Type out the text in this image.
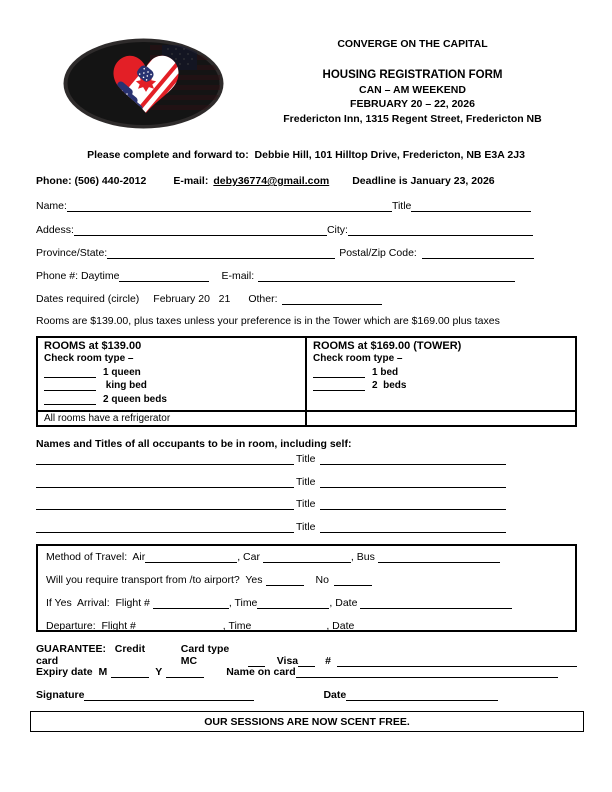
CONVERGE ON THE CAPITAL
HOUSING REGISTRATION FORM
CAN – AM WEEKEND
FEBRUARY 20 – 22, 2026
Fredericton Inn, 1315 Regent Street, Fredericton NB
Please complete and forward to:  Debbie Hill, 101 Hilltop Drive, Fredericton, NB E3A 2J3
Phone: (506) 440-2012	E-mail: deby36774@gmail.com Deadline is January 23, 2026
Name:	Title
Addess:	City:
Province/State:	Postal/Zip Code:
Phone #: Daytime	E-mail:
Dates required (circle) February 20   21 Other:
Rooms are $139.00, plus taxes unless your preference is in the Tower which are $169.00 plus taxes
ROOMS at $139.00
Check room type –
1 queen
king bed
2 queen beds
ROOMS at $169.00 (TOWER)
Check room type –
1 bed
2  beds
All rooms have a refrigerator
Names and Titles of all occupants to be in room, including self:
Title
Title
Title
Title
Method of Travel:  Air	, Car	, Bus
Will you require transport from /to airport?  Yes	No
If Yes  Arrival:  Flight #	, Time	, Date
Departure:  Flight #	, Time	, Date
GUARANTEE:   Credit card
Card type MC	Visa	#
Expiry date  M	Y	Name on card
Signature	Date
OUR SESSIONS ARE NOW SCENT FREE.
